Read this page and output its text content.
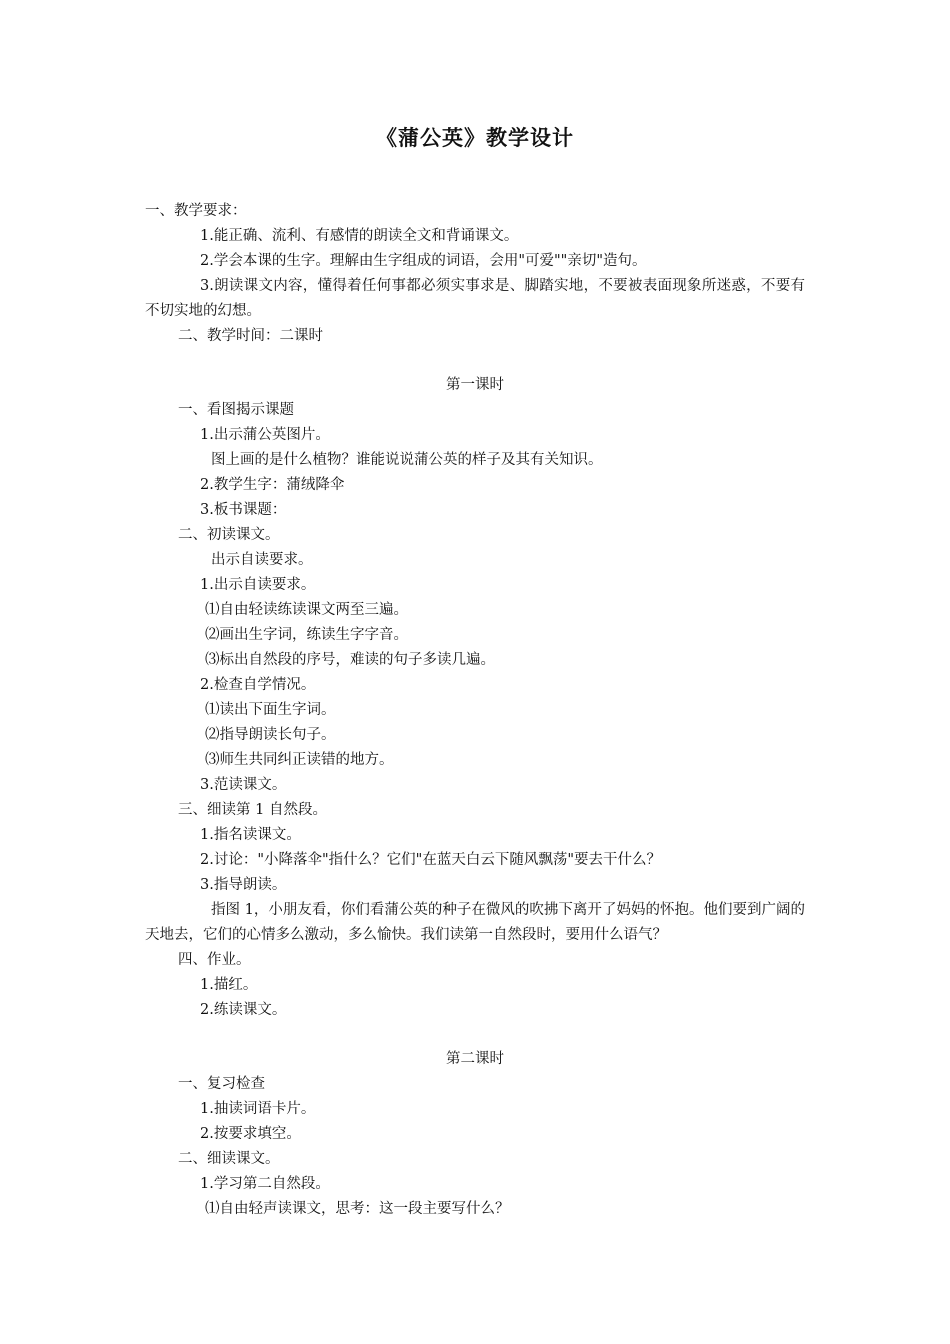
《蒲公英》教学设计
一、教学要求：
1.能正确、流利、有感情的朗读全文和背诵课文。
2.学会本课的生字。理解由生字组成的词语，会用"可爱""亲切"造句。
3.朗读课文内容，懂得着任何事都必须实事求是、脚踏实地，不要被表面现象所迷惑，不要有不切实地的幻想。
二、教学时间：二课时
第一课时
一、看图揭示课题
1.出示蒲公英图片。
图上画的是什么植物？谁能说说蒲公英的样子及其有关知识。
2.教学生字：蒲绒降伞
3.板书课题：
二、初读课文。
出示自读要求。
1.出示自读要求。
⑴自由轻读练读课文两至三遍。
⑵画出生字词，练读生字字音。
⑶标出自然段的序号，难读的句子多读几遍。
2.检查自学情况。
⑴读出下面生字词。
⑵指导朗读长句子。
⑶师生共同纠正读错的地方。
3.范读课文。
三、细读第 1 自然段。
1.指名读课文。
2.讨论："小降落伞"指什么？它们"在蓝天白云下随风飘荡"要去干什么？
3.指导朗读。
指图 1，小朋友看，你们看蒲公英的种子在微风的吹拂下离开了妈妈的怀抱。他们要到广阔的天地去，它们的心情多么激动，多么愉快。我们读第一自然段时，要用什么语气？
四、作业。
1.描红。
2.练读课文。
第二课时
一、复习检查
1.抽读词语卡片。
2.按要求填空。
二、细读课文。
1.学习第二自然段。
⑴自由轻声读课文，思考：这一段主要写什么？
